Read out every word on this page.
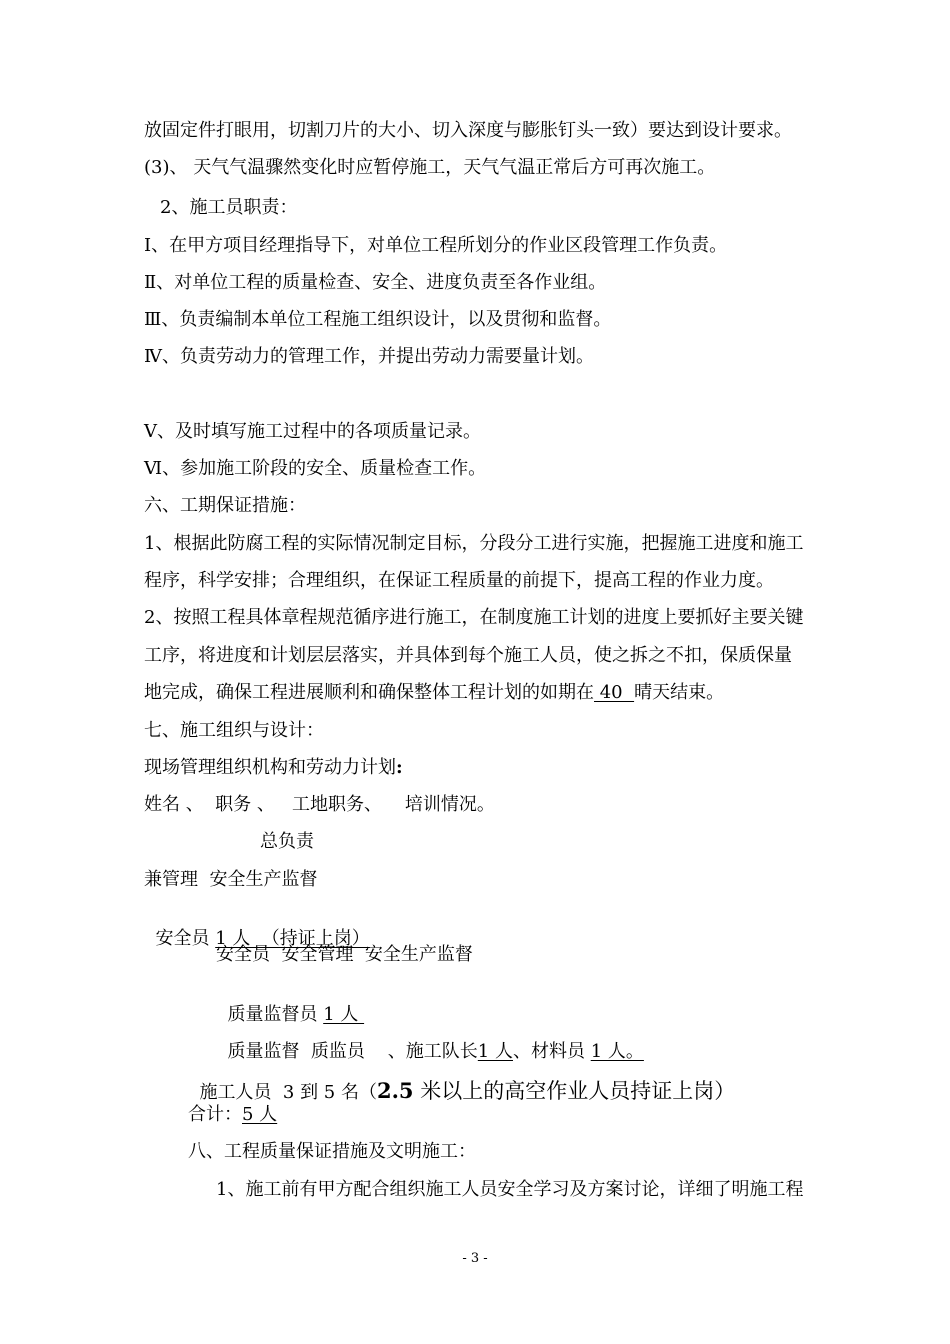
放固定件打眼用，切割刀片的大小、切入深度与膨胀钉头一致）要达到设计要求。
(3)、 天气气温骤然变化时应暂停施工，天气气温正常后方可再次施工。
2、施工员职责：
Ⅰ、在甲方项目经理指导下，对单位工程所划分的作业区段管理工作负责。
Ⅱ、对单位工程的质量检查、安全、进度负责至各作业组。
Ⅲ、负责编制本单位工程施工组织设计，以及贯彻和监督。
Ⅳ、负责劳动力的管理工作，并提出劳动力需要量计划。
Ⅴ、及时填写施工过程中的各项质量记录。
Ⅵ、参加施工阶段的安全、质量检查工作。
六、工期保证措施：
1、根据此防腐工程的实际情况制定目标，分段分工进行实施，把握施工进度和施工
程序，科学安排；合理组织，在保证工程质量的前提下，提高工程的作业力度。
2、按照工程具体章程规范循序进行施工，在制度施工计划的进度上要抓好主要关键
工序，将进度和计划层层落实，并具体到每个施工人员，使之拆之不扣，保质保量
地完成，确保工程进展顺利和确保整体工程计划的如期在 40  晴天结束。
七、施工组织与设计：
现场管理组织机构和劳动力计划:
姓名 、  职务 、   工地职务、    培训情况。
总负责
兼管理  安全生产监督

安全员 1 人  （持证上岗）

安全员  安全管理  安全生产监督

质量监督员 1 人

质量监督  质监员    、施工队长1 人、材料员 1 人。

施工人员  3 到 5 名（2.5 米以上的高空作业人员持证上岗）

合计：5 人
八、工程质量保证措施及文明施工：
1、施工前有甲方配合组织施工人员安全学习及方案讨论，详细了明施工程
- 3 -
